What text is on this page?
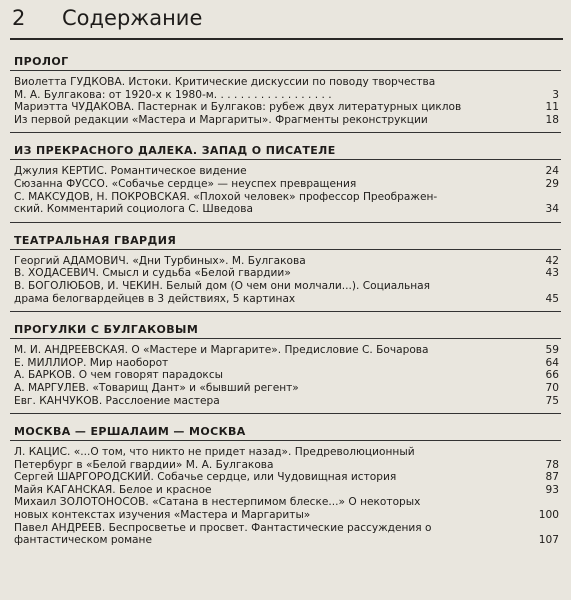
2 Содержание
ПРОЛОГ
Виолетта ГУДКОВА. Истоки. Критические дискуссии по поводу творчества
М. А. Булгакова: от 1920-х к 1980-м. . . . . . . . . . . . . . . . . .	3
Мариэтта ЧУДАКОВА. Пастернак и Булгаков: рубеж двух литературных циклов	11
Из первой редакции «Мастера и Маргариты». Фрагменты реконструкции	18
ИЗ ПРЕКРАСНОГО ДАЛЕКА. ЗАПАД О ПИСАТЕЛЕ
Джулия КЕРТИС. Романтическое видение	24
Сюзанна ФУССО. «Собачье сердце» — неуспех превращения	29
С. МАКСУДОВ, Н. ПОКРОВСКАЯ. «Плохой человек» профессор Преображен-
ский. Комментарий социолога С. Шведова	34
ТЕАТРАЛЬНАЯ ГВАРДИЯ
Георгий АДАМОВИЧ. «Дни Турбиных». М. Булгакова	42
В. ХОДАСЕВИЧ. Смысл и судьба «Белой гвардии»	43
В. БОГОЛЮБОВ, И. ЧЕКИН. Белый дом (О чем они молчали...). Социальная
драма белогвардейцев в 3 действиях, 5 картинах	45
ПРОГУЛКИ С БУЛГАКОВЫМ
М. И. АНДРЕЕВСКАЯ. О «Мастере и Маргарите». Предисловие С. Бочарова	59
Е. МИЛЛИОР. Мир наоборот	64
А. БАРКОВ. О чем говорят парадоксы	66
А. МАРГУЛЕВ. «Товарищ Дант» и «бывший регент»	70
Евг. КАНЧУКОВ. Расслоение мастера	75
МОСКВА — ЕРШАЛАИМ — МОСКВА
Л. КАЦИС. «...О том, что никто не придет назад». Предреволюционный
Петербург в «Белой гвардии» М. А. Булгакова	78
Сергей ШАРГОРОДСКИЙ. Собачье сердце, или Чудовищная история	87
Майя КАГАНСКАЯ. Белое и красное	93
Михаил ЗОЛОТОНОСОВ. «Сатана в нестерпимом блеске...» О некоторых
новых контекстах изучения «Мастера и Маргариты»	100
Павел АНДРЕЕВ. Беспросветье и просвет. Фантастические рассуждения о
фантастическом романе	107
